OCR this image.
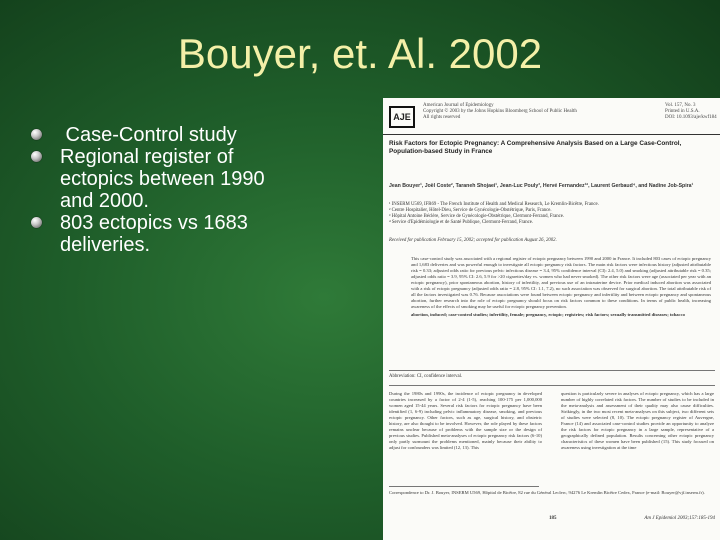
Bouyer, et. Al. 2002
Case-Control study
Regional register of ectopics between 1990 and 2000.
803 ectopics vs 1683 deliveries.
AJE
American Journal of Epidemiology
Copyright © 2003 by the Johns Hopkins Bloomberg School of Public Health
All rights reserved
Vol. 157, No. 3
Printed in U.S.A.
DOI: 10.1093/aje/kwf184
Risk Factors for Ectopic Pregnancy: A Comprehensive Analysis Based on a Large Case-Control, Population-based Study in France
Jean Bouyer¹, Joël Coste², Taraneh Shojaei¹, Jean-Luc Pouly³, Hervé Fernandez¹², Laurent Gerbaud⁴, and Nadine Job-Spira¹
¹ INSERM U569, IFR69 - The French Institute of Health and Medical Research, Le Kremlin-Bicêtre, France.
² Centre Hospitalier, Hôtel-Dieu, Service de Gynécologie-Obstétrique, Paris, France.
³ Hôpital Antoine Béclère, Service de Gynécologie-Obstétrique, Clermont-Ferrand, France.
⁴ Service d'Epidémiologie et de Santé Publique, Clermont-Ferrand, France.
Received for publication February 15, 2002; accepted for publication August 26, 2002.
This case-control study was associated with a regional register of ectopic pregnancy between 1990 and 2000 in France. It included 803 cases of ectopic pregnancy and 1,683 deliveries and was powerful enough to investigate all ectopic pregnancy risk factors. The main risk factors were infectious history (adjusted attributable risk = 0.33; adjusted odds ratio for previous pelvic infectious disease = 3.4, 95% confidence interval (CI): 2.4, 5.0) and smoking (adjusted attributable risk = 0.35; adjusted odds ratio = 3.9, 95% CI: 2.6, 5.9 for >20 cigarettes/day vs. women who had never smoked). The other risk factors were age (associated per year with an ectopic pregnancy), prior spontaneous abortion, history of infertility, and previous use of an intrauterine device. Prior medical induced abortion was associated with a risk of ectopic pregnancy (adjusted odds ratio = 2.8, 95% CI: 1.1, 7.2), no such association was observed for surgical abortion. The total attributable risk of all the factors investigated was 0.76. Because associations were found between ectopic pregnancy and infertility and between ectopic pregnancy and spontaneous abortion, further research into the role of ectopic pregnancy should focus on risk factors common to these conditions. In terms of public health, increasing awareness of the effects of smoking may be useful for ectopic pregnancy prevention.
abortion, induced; case-control studies; infertility, female; pregnancy, ectopic; registries; risk factors; sexually transmitted diseases; tobacco
Abbreviation: CI, confidence interval.
During the 1980s and 1990s, the incidence of ectopic pregnancy in developed countries increased by a factor of 2-4 (1-5), reaching 100-175 per 1,000,000 women aged 15-44 years. Several risk factors for ectopic pregnancy have been identified (1, 6-9) including pelvic inflammatory disease, smoking, and previous ectopic pregnancy. Other factors, such as age, surgical history, and obstetric history, are also thought to be involved. However, the role played by these factors remains unclear because of problems with the sample size or the design of previous studies. Published meta-analyses of ectopic pregnancy risk factors (6-10) only partly surmount the problems mentioned, mainly because their ability to adjust for confounders was limited (12, 13). This
question is particularly severe in analyses of ectopic pregnancy, which has a large number of highly correlated risk factors. The number of studies to be included in the meta-analysis and assessment of their quality may also cause difficulties. Strikingly, in the two most recent meta-analyses on this subject, two different sets of studies were selected (8, 10). The ectopic pregnancy register of Auvergne, France (14) and associated case-control studies provide an opportunity to analyze the risk factors for ectopic pregnancy in a large sample, representative of a geographically defined population. Results concerning other ectopic pregnancy characteristics of these women have been published (15). This study focused on awareness using investigation at the time
Correspondence to Dr. J. Bouyer, INSERM U569, Hôpital de Bicêtre, 82 rue du Général Leclerc, 94276 Le Kremlin Bicêtre Cedex, France (e-mail: Bouyer@vjf.inserm.fr).
185	Am J Epidemiol 2003;157:185-194
